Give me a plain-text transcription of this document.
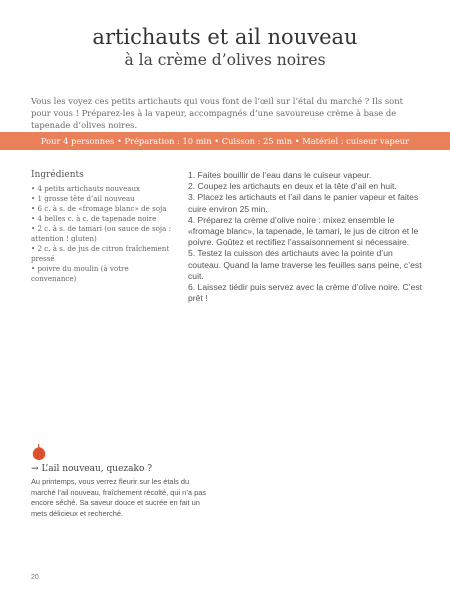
artichauts et ail nouveau
à la crème d’olives noires
Vous les voyez ces petits artichauts qui vous font de l’œil sur l’étal du marché ? Ils sont pour vous ! Préparez-les à la vapeur, accompagnés d’une savoureuse crème à base de tapenade d’olives noires.
Pour 4 personnes • Préparation : 10 min • Cuisson : 25 min • Matériel : cuiseur vapeur
Ingrédients
• 4 petits artichauts nouveaux
• 1 grosse tête d’ail nouveau
• 6 c. à s. de «fromage blanc» de soja
• 4 belles c. à c. de tapenade noire
• 2 c. à s. de tamari (ou sauce de soja : attention ! gluten)
• 2 c. à s. de jus de citron fraîchement pressé
• poivre du moulin (à votre convenance)
1. Faites bouillir de l’eau dans le cuiseur vapeur.
2. Coupez les artichauts en deux et la tête d’ail en huit.
3. Placez les artichauts et l’ail dans le panier vapeur et faites cuire environ 25 min.
4. Préparez la crème d’olive noire : mixez ensemble le «fromage blanc», la tapenade, le tamari, le jus de citron et le poivre. Goûtez et rectifiez l’assaisonnement si nécessaire.
5. Testez la cuisson des artichauts avec la pointe d’un couteau. Quand la lame traverse les feuilles sans peine, c’est cuit.
6. Laissez tiédir puis servez avec la crème d’olive noire. C’est prêt !
→ L’ail nouveau, quezako ?

Au printemps, vous verrez fleurir sur les étals du marché l’ail nouveau, fraîchement récolté, qui n’a pas encore séché. Sa saveur douce et sucrée en fait un mets délicieux et recherché.

20
